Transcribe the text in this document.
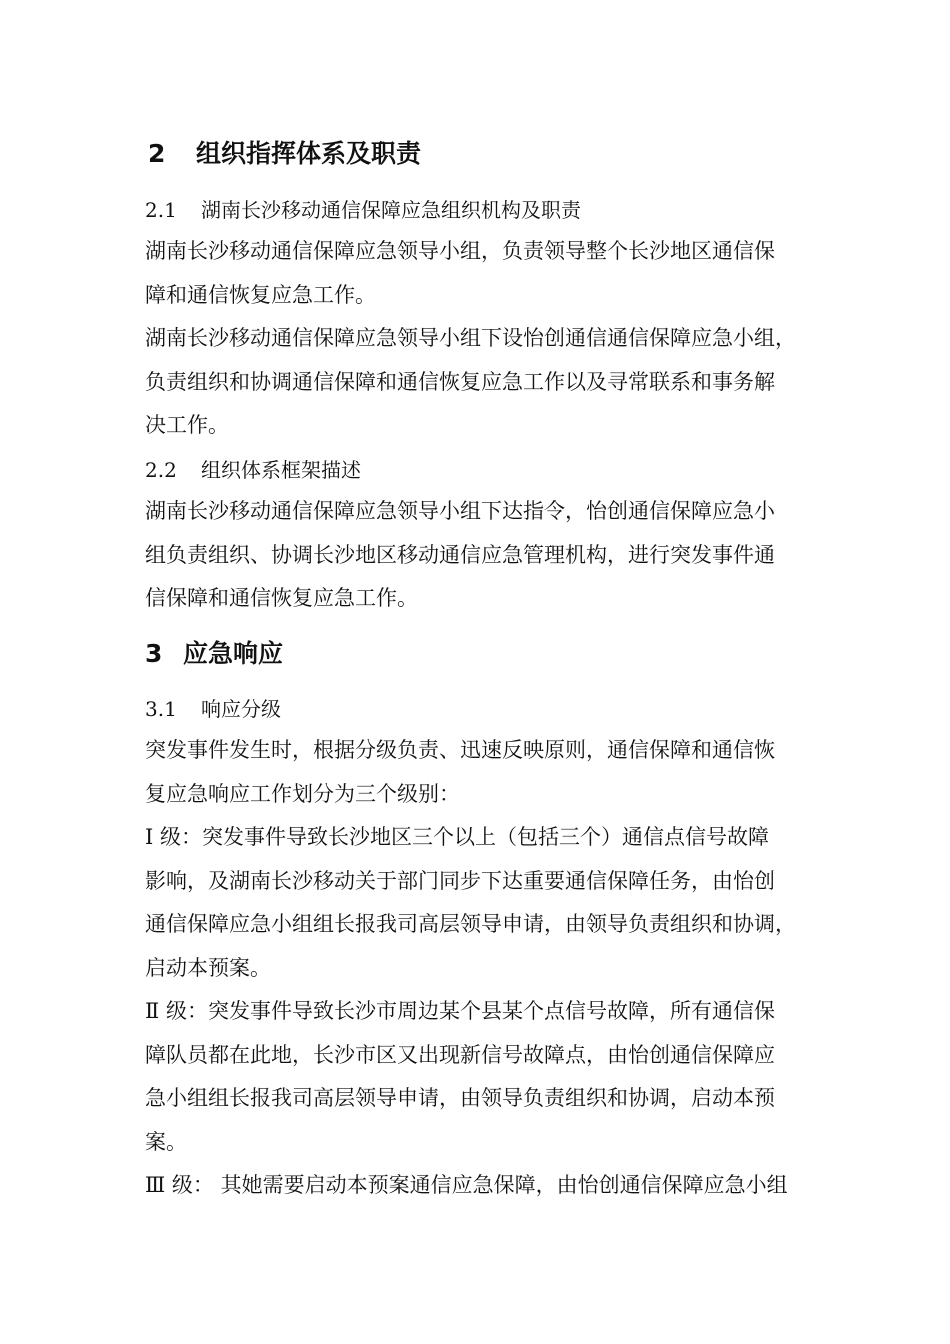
2 组织指挥体系及职责
2.1 湖南长沙移动通信保障应急组织机构及职责
湖南长沙移动通信保障应急领导小组，负责领导整个长沙地区通信保
障和通信恢复应急工作。
湖南长沙移动通信保障应急领导小组下设怡创通信通信保障应急小组，
负责组织和协调通信保障和通信恢复应急工作以及寻常联系和事务解
决工作。
2.2 组织体系框架描述
湖南长沙移动通信保障应急领导小组下达指令，怡创通信保障应急小
组负责组织、协调长沙地区移动通信应急管理机构，进行突发事件通
信保障和通信恢复应急工作。
3 应急响应
3.1 响应分级
突发事件发生时，根据分级负责、迅速反映原则，通信保障和通信恢
复应急响应工作划分为三个级别：
Ⅰ 级：突发事件导致长沙地区三个以上（包括三个）通信点信号故障
影响，及湖南长沙移动关于部门同步下达重要通信保障任务，由怡创
通信保障应急小组组长报我司高层领导申请，由领导负责组织和协调，
启动本预案。
Ⅱ 级：突发事件导致长沙市周边某个县某个点信号故障，所有通信保
障队员都在此地，长沙市区又出现新信号故障点，由怡创通信保障应
急小组组长报我司高层领导申请，由领导负责组织和协调，启动本预
案。
Ⅲ 级： 其她需要启动本预案通信应急保障，由怡创通信保障应急小组
